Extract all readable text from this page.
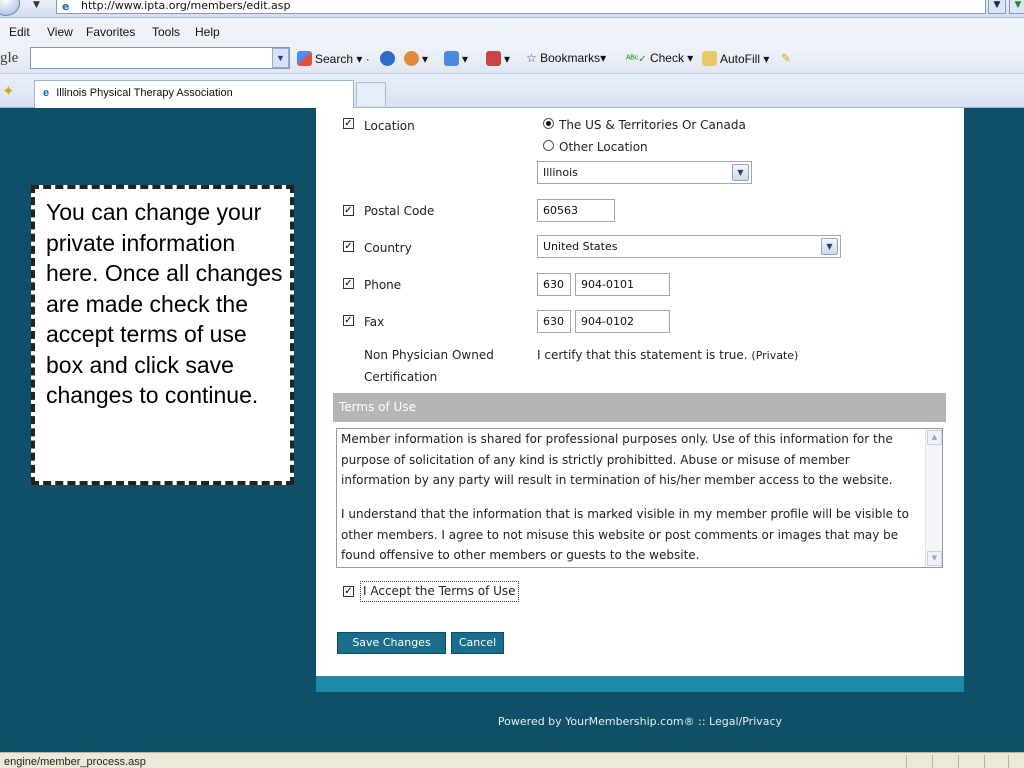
▼ e http://www.ipta.org/members/edit.asp	▼	▼
Edit View Favorites Tools Help
gle	▼	Search ▾ ·	▾	▾	▾ ☆ Bookmarks▾ ᴬᴮᶜ✓ Check ▾	AutoFill ▾ ✎
✦	e Illinois Physical Therapy Association
✓ Location	The US & Territories Or Canada
Other Location
Illinois	▼
✓ Postal Code	60563
✓ Country	United States	▼
✓ Phone	630	904-0101
✓ Fax	630	904-0102
Non Physician Owned
Certification
I certify that this statement is true. (Private)
Terms of Use
Member information is shared for professional purposes only. Use of this information for the
purpose of solicitation of any kind is strictly prohibitted. Abuse or misuse of member
information by any party will result in termination of his/her member access to the website.
I understand that the information that is marked visible in my member profile will be visible to
other members. I agree to not misuse this website or post comments or images that may be
found offensive to other members or guests to the website.
▲
▼
✓ I Accept the Terms of Use
Save Changes	Cancel
Powered by YourMembership.com® :: Legal/Privacy
engine/member_process.asp
You can change your private information here. Once all changes are made check the accept terms of use box and click save changes to continue.
